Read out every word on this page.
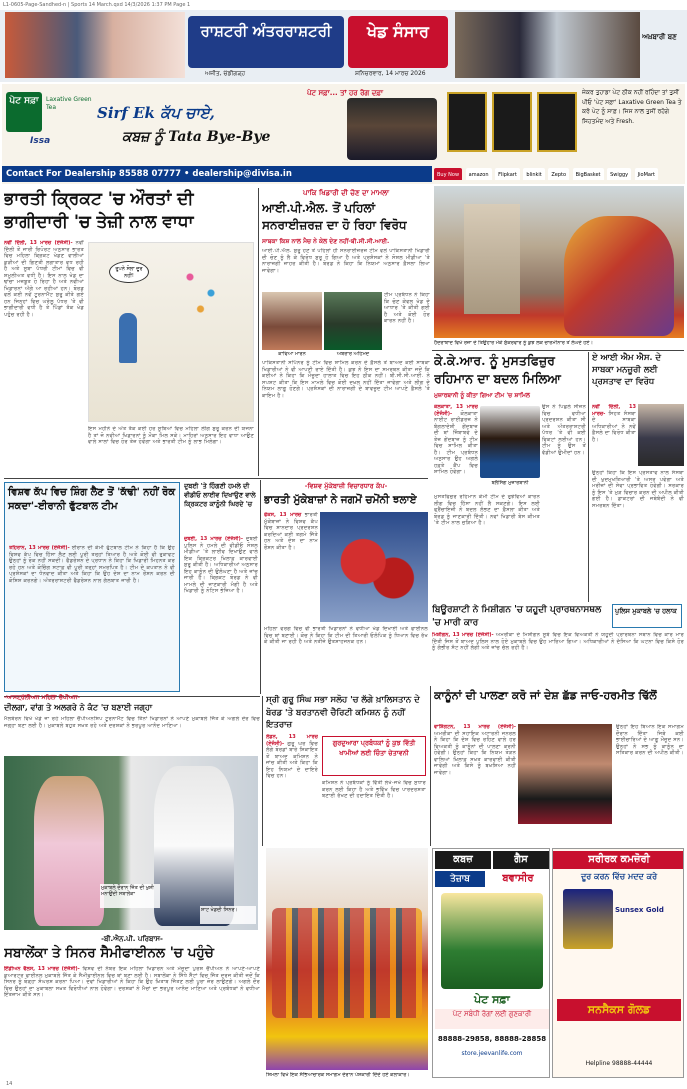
L1-0605-Page-Sandhed-n | Sports 14 March.qxd 14/3/2026 1:37 PM Page 1
ਰਾਸ਼ਟਰੀ ਅੰਤਰਰਾਸ਼ਟਰੀ	ਖੇਡ ਸੰਸਾਰ
ਅਜੀਤ, ਚੰਡੀਗੜ੍ਹ	ਸ਼ਨਿਚਰਵਾਰ, 14 ਮਾਰਚ 2026
ਅਖ਼ਬਾਰੀ ਬਣ
ਪੇਟ ਸਫ਼ਾ	Laxative Green Tea
Issa
Sirf Ek ਕੱਪ ਚਾਏ,
ਕਬਜ਼ ਨੂੰ Tata Bye-Bye
ਪੇਟ ਸਫ਼ਾ... ਤਾਂ ਹਰ ਰੋਗ ਦਫ਼ਾ
Contact For Dealership 85588 07777 • dealership@divisa.in	Buy Now amazon Flipkart blinkit Zepto BigBasket Swiggy JioMart
ਜੇਕਰ ਤੁਹਾਡਾ ਪੇਟ ਠੀਕ ਨਹੀਂ ਰਹਿੰਦਾ ਤਾਂ ਤੁਸੀਂ ਪੀਓ 'ਪੇਟ ਸਫ਼ਾ' Laxative Green Tea ਤੇ ਕਰੋ ਪੇਟ ਨੂੰ ਸਾਫ਼। ਜਿਸ ਨਾਲ ਤੁਸੀਂ ਰਹੋਗੇ ਸਿਹਤਮੰਦ ਅਤੇ Fresh.
ਭਾਰਤੀ ਕ੍ਰਿਕਟ 'ਚ ਔਰਤਾਂ ਦੀ ਭਾਗੀਦਾਰੀ 'ਚ ਤੇਜ਼ੀ ਨਾਲ ਵਾਧਾ
ਨਵੀਂ ਦਿੱਲੀ, 13 ਮਾਰਚ (ਏਜੰਸੀ)- ਨਵੀਂ ਦਿੱਲੀ ਤੋਂ ਜਾਰੀ ਰਿਪੋਰਟ ਅਨੁਸਾਰ ਭਾਰਤ ਵਿਚ ਮਹਿਲਾ ਕ੍ਰਿਕਟ ਖੇਡਣ ਵਾਲੀਆਂ ਕੁੜੀਆਂ ਦੀ ਗਿਣਤੀ ਲਗਾਤਾਰ ਵਧ ਰਹੀ ਹੈ ਅਤੇ ਸੂਬਾ ਪੱਧਰੀ ਟੀਮਾਂ ਵਿਚ ਵੀ ਸ਼ਮੂਲੀਅਤ ਵਧੀ ਹੈ। ਇਸ ਨਾਲ ਖੇਡ ਦਾ ਢਾਂਚਾ ਮਜ਼ਬੂਤ ਹੋ ਰਿਹਾ ਹੈ ਅਤੇ ਨਵੀਆਂ ਖਿਡਾਰਨਾਂ ਅੱਗੇ ਆ ਰਹੀਆਂ ਹਨ। ਬੋਰਡ ਵਲੋਂ ਕਈ ਨਵੇਂ ਟੂਰਨਾਮੈਂਟ ਸ਼ੁਰੂ ਕੀਤੇ ਗਏ ਹਨ ਜਿਨ੍ਹਾਂ ਵਿਚ ਘਰੇਲੂ ਪੱਧਰ 'ਤੇ ਵੀ ਭਾਗੀਦਾਰੀ ਵਧੀ ਹੈ ਤੇ ਪਿੰਡਾਂ ਤੱਕ ਖੇਡ ਪਹੁੰਚ ਰਹੀ ਹੈ।
ਰੂਪਨੇ ਸੋਲਾ ਦੂਰ ਨਹੀਂ!
ਇਸ ਮਹੀਨੇ ਦੇ ਅੰਤ ਤੱਕ ਕਈ ਹੋਰ ਸੂਬਿਆਂ ਵਿਚ ਮਹਿਲਾ ਲੀਗ ਸ਼ੁਰੂ ਕਰਨ ਦੀ ਯੋਜਨਾ ਹੈ ਤਾਂ ਜੋ ਨਵੀਆਂ ਖਿਡਾਰਨਾਂ ਨੂੰ ਮੌਕਾ ਮਿਲ ਸਕੇ। ਮਾਹਿਰਾਂ ਅਨੁਸਾਰ ਇਹ ਵਾਧਾ ਆਉਣ ਵਾਲੇ ਸਾਲਾਂ ਵਿਚ ਹੋਰ ਤੇਜ਼ ਹੋਵੇਗਾ ਅਤੇ ਭਾਰਤੀ ਟੀਮ ਨੂੰ ਲਾਭ ਮਿਲੇਗਾ।
ਪਾਕਿ ਖਿਡਾਰੀ ਦੀ ਚੋਣ ਦਾ ਮਾਮਲਾ
ਆਈ.ਪੀ.ਐਲ. ਤੋਂ ਪਹਿਲਾਂ ਸਨਰਾਈਜ਼ਰਜ਼ ਦਾ ਹੋ ਰਿਹਾ ਵਿਰੋਧ
ਸਾਬਕਾ ਕਿਸ਼ ਨਾਲ ਮੈਚ ਨੇ ਕੇਲ ਦੇਣ ਨਹੀਂ-ਬੀ.ਸੀ.ਸੀ.ਆਈ.
ਆਈ.ਪੀ.ਐਲ. ਸ਼ੁਰੂ ਹੋਣ ਤੋਂ ਪਹਿਲਾਂ ਹੀ ਸਨਰਾਈਜ਼ਰਜ਼ ਟੀਮ ਵਲੋਂ ਪਾਕਿਸਤਾਨੀ ਖਿਡਾਰੀ ਦੀ ਚੋਣ ਨੂੰ ਲੈ ਕੇ ਵਿਰੋਧ ਸ਼ੁਰੂ ਹੋ ਗਿਆ ਹੈ ਅਤੇ ਪ੍ਰਸ਼ੰਸਕਾਂ ਨੇ ਸੋਸ਼ਲ ਮੀਡੀਆ 'ਤੇ ਨਾਰਾਜ਼ਗੀ ਜ਼ਾਹਰ ਕੀਤੀ ਹੈ। ਬੋਰਡ ਨੇ ਕਿਹਾ ਕਿ ਨਿਯਮਾਂ ਅਨੁਸਾਰ ਫ਼ੈਸਲਾ ਲਿਆ ਜਾਵੇਗਾ।
ਕਾਵਿਆ ਮਾਰਨ	ਅਬਰਾਰ ਅਹਿਮਦ
ਟੀਮ ਪ੍ਰਬੰਧਨ ਨੇ ਕਿਹਾ ਕਿ ਚੋਣ ਕੇਵਲ ਖੇਡ ਦੇ ਆਧਾਰ 'ਤੇ ਕੀਤੀ ਗਈ ਹੈ ਅਤੇ ਕੋਈ ਹੋਰ ਕਾਰਨ ਨਹੀਂ ਹੈ।
ਪਾਕਿਸਤਾਨੀ ਸਪਿੰਨਰ ਨੂੰ ਟੀਮ ਵਿਚ ਸ਼ਾਮਿਲ ਕਰਨ ਦੇ ਫ਼ੈਸਲੇ ਤੋਂ ਬਾਅਦ ਕਈ ਸਾਬਕਾ ਖਿਡਾਰੀਆਂ ਨੇ ਵੀ ਆਪਣੀ ਰਾਏ ਦਿੱਤੀ ਹੈ। ਕੁਝ ਨੇ ਇਸ ਦਾ ਸਮਰਥਨ ਕੀਤਾ ਜਦੋਂ ਕਿ ਕਈਆਂ ਨੇ ਕਿਹਾ ਕਿ ਮੌਜੂਦਾ ਹਾਲਾਤ ਵਿਚ ਇਹ ਠੀਕ ਨਹੀਂ। ਬੀ.ਸੀ.ਸੀ.ਆਈ. ਨੇ ਸਪਸ਼ਟ ਕੀਤਾ ਕਿ ਇਸ ਮਾਮਲੇ ਵਿਚ ਕੋਈ ਦਖ਼ਲ ਨਹੀਂ ਦਿੱਤਾ ਜਾਵੇਗਾ ਅਤੇ ਲੀਗ ਦੇ ਨਿਯਮ ਲਾਗੂ ਹੋਣਗੇ। ਪ੍ਰਸ਼ੰਸਕਾਂ ਦੀ ਨਾਰਾਜ਼ਗੀ ਦੇ ਬਾਵਜੂਦ ਟੀਮ ਆਪਣੇ ਫ਼ੈਸਲੇ 'ਤੇ ਕਾਇਮ ਹੈ।
ਹੈਦਰਾਬਾਦ ਵਿਖੇ ਰੋਜ਼ਾ ਦੇ ਤਿਉਹਾਰ ਮੌਕੇ ਸ਼ੁੱਕਰਵਾਰ ਨੂੰ ਕੁਝ ਲੋਕ ਚਾਰਮੀਨਾਰ ਤੋਂ ਲੰਘਦੇ ਹੋਏ।
ਕੇ.ਕੇ.ਆਰ. ਨੂੰ ਮੁਸਤਫਿਜ਼ੁਰ ਰਹਿਮਾਨ ਦਾ ਬਦਲ ਮਿਲਿਆ
ਮੁਜ਼ਾਰਬਾਨੀ ਨੂੰ ਕੀਤਾ ਗਿਆ ਟੀਮ 'ਚ ਸ਼ਾਮਿਲ
ਕੋਲਕਾਤਾ, 13 ਮਾਰਚ (ਏਜੰਸੀ)- ਕੋਲਕਾਤਾ ਨਾਈਟ ਰਾਈਡਰਜ਼ ਨੇ ਬੰਗਲਾਦੇਸ਼ੀ ਗੇਂਦਬਾਜ਼ ਦੀ ਥਾਂ ਜ਼ਿੰਬਾਬਵੇ ਦੇ ਤੇਜ਼ ਗੇਂਦਬਾਜ਼ ਨੂੰ ਟੀਮ ਵਿਚ ਸ਼ਾਮਿਲ ਕੀਤਾ ਹੈ। ਟੀਮ ਪ੍ਰਬੰਧਨ ਅਨੁਸਾਰ ਉਹ ਅਗਲੇ ਹਫ਼ਤੇ ਕੈਂਪ ਵਿਚ ਸ਼ਾਮਿਲ ਹੋਵੇਗਾ।
ਬਲੈਸਿੰਗ ਮੁਜ਼ਾਰਬਾਨੀ
ਉਸ ਨੇ ਪਿਛਲੇ ਸੀਜ਼ਨ ਵਿਚ ਵਧੀਆ ਪ੍ਰਦਰਸ਼ਨ ਕੀਤਾ ਸੀ ਅਤੇ ਅੰਤਰਰਾਸ਼ਟਰੀ ਪੱਧਰ 'ਤੇ ਵੀ ਕਈ ਵਿਕਟਾਂ ਲਈਆਂ ਹਨ। ਟੀਮ ਨੂੰ ਉਸ ਤੋਂ ਵੱਡੀਆਂ ਉਮੀਦਾਂ ਹਨ।
ਮੁਸਤਫਿਜ਼ੁਰ ਰਹਿਮਾਨ ਕੌਮੀ ਟੀਮ ਦੇ ਰੁਝੇਵਿਆਂ ਕਾਰਨ ਲੀਗ ਵਿਚ ਹਿੱਸਾ ਨਹੀਂ ਲੈ ਸਕਣਗੇ। ਇਸ ਲਈ ਫ੍ਰੈਂਚਾਇਜ਼ੀ ਨੇ ਬਦਲ ਲੱਭਣ ਦਾ ਫ਼ੈਸਲਾ ਕੀਤਾ ਅਤੇ ਬੋਰਡ ਨੂੰ ਜਾਣਕਾਰੀ ਦਿੱਤੀ। ਨਵਾਂ ਖਿਡਾਰੀ ਬੇਸ ਕੀਮਤ 'ਤੇ ਟੀਮ ਨਾਲ ਜੁੜਿਆ ਹੈ।
ਏ ਆਈ ਐਮ ਐਸ. ਦੇ ਸਾਬਕਾ ਮਨਜ਼ੂਰੀ ਲਈ ਪ੍ਰਸਤਾਵ ਦਾ ਵਿਰੋਧ
ਨਵੀਂ ਦਿੱਲੀ, 13 ਮਾਰਚ- ਸਿਹਤ ਸੰਸਥਾ ਦੇ ਸਾਬਕਾ ਅਧਿਕਾਰੀਆਂ ਨੇ ਨਵੇਂ ਫ਼ੈਸਲੇ ਦਾ ਵਿਰੋਧ ਕੀਤਾ ਹੈ।
ਉਨ੍ਹਾਂ ਕਿਹਾ ਕਿ ਇਸ ਪ੍ਰਸਤਾਵ ਨਾਲ ਸੰਸਥਾ ਦੀ ਖੁਦਮੁਖਤਿਆਰੀ 'ਤੇ ਅਸਰ ਪਵੇਗਾ ਅਤੇ ਮਰੀਜ਼ਾਂ ਦੀ ਸੇਵਾ ਪ੍ਰਭਾਵਿਤ ਹੋਵੇਗੀ। ਸਰਕਾਰ ਨੂੰ ਇਸ 'ਤੇ ਮੁੜ ਵਿਚਾਰ ਕਰਨ ਦੀ ਅਪੀਲ ਕੀਤੀ ਗਈ ਹੈ। ਡਾਕਟਰਾਂ ਦੀ ਜਥੇਬੰਦੀ ਨੇ ਵੀ ਸਮਰਥਨ ਦਿੱਤਾ।
ਵਿਸ਼ਵ ਕੱਪ ਵਿਚ ਸ਼ਿੰਗ ਲੈਣ ਤੋਂ 'ਕੱਢੀ' ਨਹੀਂ ਰੋਕ ਸਕਦਾ'-ਈਰਾਨੀ ਫੁੱਟਬਾਲ ਟੀਮ
ਤਹਿਰਾਨ, 13 ਮਾਰਚ (ਏਜੰਸੀ)- ਈਰਾਨ ਦੀ ਕੌਮੀ ਫੁੱਟਬਾਲ ਟੀਮ ਨੇ ਕਿਹਾ ਹੈ ਕਿ ਉਹ ਵਿਸ਼ਵ ਕੱਪ ਵਿਚ ਹਿੱਸਾ ਲੈਣ ਲਈ ਪੂਰੀ ਤਰ੍ਹਾਂ ਤਿਆਰ ਹੈ ਅਤੇ ਕੋਈ ਵੀ ਰੁਕਾਵਟ ਉਨ੍ਹਾਂ ਨੂੰ ਰੋਕ ਨਹੀਂ ਸਕਦੀ। ਫੈਡਰੇਸ਼ਨ ਦੇ ਪ੍ਰਧਾਨ ਨੇ ਕਿਹਾ ਕਿ ਖਿਡਾਰੀ ਮਿਹਨਤ ਕਰ ਰਹੇ ਹਨ ਅਤੇ ਕੋਚਿੰਗ ਸਟਾਫ਼ ਵੀ ਪੂਰੀ ਤਰ੍ਹਾਂ ਸਮਰਪਿਤ ਹੈ। ਟੀਮ ਦੇ ਕਪਤਾਨ ਨੇ ਵੀ ਪ੍ਰਸ਼ੰਸਕਾਂ ਦਾ ਧੰਨਵਾਦ ਕੀਤਾ ਅਤੇ ਕਿਹਾ ਕਿ ਉਹ ਦੇਸ਼ ਦਾ ਨਾਮ ਰੌਸ਼ਨ ਕਰਨ ਦੀ ਕੋਸ਼ਿਸ਼ ਕਰਨਗੇ। ਅੰਤਰਰਾਸ਼ਟਰੀ ਫੈਡਰੇਸ਼ਨ ਨਾਲ ਗੱਲਬਾਤ ਜਾਰੀ ਹੈ।
ਦੁਬਈ 'ਤੇ ਹਿੰਗਣੀ ਹਮਲੇ ਦੀ ਵੀਡੀਓ ਲਾਈਵ ਦਿਖਾਉਣ ਵਾਲੇ ਕ੍ਰਿਕਟਰ ਕਾਨੂੰਨੀ ਘਿਰਦੇ 'ਚ
ਦੁਬਈ, 13 ਮਾਰਚ (ਏਜੰਸੀ)- ਦੁਬਈ ਪੁਲਿਸ ਨੇ ਹਮਲੇ ਦੀ ਵੀਡੀਓ ਸੋਸ਼ਲ ਮੀਡੀਆ 'ਤੇ ਲਾਈਵ ਦਿਖਾਉਣ ਵਾਲੇ ਇਕ ਕ੍ਰਿਕਟਰ ਖ਼ਿਲਾਫ਼ ਕਾਰਵਾਈ ਸ਼ੁਰੂ ਕੀਤੀ ਹੈ। ਅਧਿਕਾਰੀਆਂ ਅਨੁਸਾਰ ਇਹ ਕਾਨੂੰਨ ਦੀ ਉਲੰਘਣਾ ਹੈ ਅਤੇ ਜਾਂਚ ਜਾਰੀ ਹੈ। ਕ੍ਰਿਕਟ ਬੋਰਡ ਨੇ ਵੀ ਮਾਮਲੇ ਦੀ ਜਾਣਕਾਰੀ ਮੰਗੀ ਹੈ ਅਤੇ ਖਿਡਾਰੀ ਨੂੰ ਨੋਟਿਸ ਭੇਜਿਆ ਹੈ।
-ਵਿਸ਼ਵ ਮੁੱਕੇਬਾਜ਼ੀ ਵਿਚਾਰਧਾਰ ਕੱਪ-
ਭਾਰਤੀ ਮੁੱਕੇਬਾਜ਼ਾਂ ਨੇ ਜਗਮੋਂ ਚਮੋਂਨੀ ਝਲਾਏ
ਫੌਕਸ, 13 ਮਾਰਚ ਭਾਰਤੀ ਮੁੱਕੇਬਾਜ਼ਾਂ ਨੇ ਵਿਸ਼ਵ ਕੱਪ ਵਿਚ ਸ਼ਾਨਦਾਰ ਪ੍ਰਦਰਸ਼ਨ ਕਰਦਿਆਂ ਕਈ ਤਗਮੇ ਜਿੱਤੇ ਹਨ ਅਤੇ ਦੇਸ਼ ਦਾ ਨਾਮ ਰੌਸ਼ਨ ਕੀਤਾ ਹੈ।
ਮਹਿਲਾ ਵਰਗ ਵਿਚ ਵੀ ਭਾਰਤੀ ਖਿਡਾਰਨਾਂ ਨੇ ਵਧੀਆ ਖੇਡ ਦਿਖਾਈ ਅਤੇ ਫਾਈਨਲ ਵਿਚ ਥਾਂ ਬਣਾਈ। ਕੋਚ ਨੇ ਕਿਹਾ ਕਿ ਟੀਮ ਦੀ ਤਿਆਰੀ ਓਲੰਪਿਕ ਨੂੰ ਧਿਆਨ ਵਿਚ ਰੱਖ ਕੇ ਕੀਤੀ ਜਾ ਰਹੀ ਹੈ ਅਤੇ ਨਤੀਜੇ ਉਤਸ਼ਾਹਜਨਕ ਹਨ।
ਬਿਊਰਸ਼ਾਟੀ ਨੇ ਮਿਸ਼ੀਗਨ 'ਚ ਯਹੂਦੀ ਪ੍ਰਾਰਥਨਾਸਥਲ 'ਚ ਮਾਰੀ ਕਾਰ
ਪੁਲਿਸ ਮੁਕਾਬਲੇ 'ਚ ਹਲਾਕ
ਮਿਸ਼ੀਗਨ, 13 ਮਾਰਚ (ਏਜੰਸੀ)- ਅਮਰੀਕਾ ਦੇ ਮਿਸ਼ੀਗਨ ਸੂਬੇ ਵਿਚ ਇਕ ਵਿਅਕਤੀ ਨੇ ਯਹੂਦੀ ਪ੍ਰਾਰਥਨਾ ਸਥਾਨ ਵਿਚ ਕਾਰ ਮਾਰ ਦਿੱਤੀ ਜਿਸ ਤੋਂ ਬਾਅਦ ਪੁਲਿਸ ਨਾਲ ਹੋਏ ਮੁਕਾਬਲੇ ਵਿਚ ਉਹ ਮਾਰਿਆ ਗਿਆ। ਅਧਿਕਾਰੀਆਂ ਨੇ ਦੱਸਿਆ ਕਿ ਘਟਨਾ ਵਿਚ ਕਿਸੇ ਹੋਰ ਨੂੰ ਗੰਭੀਰ ਸੱਟ ਨਹੀਂ ਲੱਗੀ ਅਤੇ ਜਾਂਚ ਚੱਲ ਰਹੀ ਹੈ।
-ਆਸਟ੍ਰੇਲੀਅਨ ਮਹਿਲਾ ਚੈਪੀਅਨ-
ਦੀਲਗਾ, ਵਾਂਗ ਤੇ ਅਲਗਰੇ ਨੇ ਕੰਟ 'ਚ ਬਣਾਈ ਜਗ੍ਹਾ
ਮੈਲਬੌਰਨ ਵਿਖੇ ਖੇਡੇ ਜਾ ਰਹੇ ਮਹਿਲਾ ਚੈਂਪੀਅਨਸ਼ਿਪ ਟੂਰਨਾਮੈਂਟ ਵਿਚ ਤਿੰਨਾਂ ਖਿਡਾਰਨਾਂ ਨੇ ਆਪਣੇ ਮੁਕਾਬਲੇ ਜਿੱਤ ਕੇ ਅਗਲੇ ਦੌਰ ਵਿਚ ਜਗ੍ਹਾ ਬਣਾ ਲਈ ਹੈ। ਮੁਕਾਬਲੇ ਬਹੁਤ ਸਖ਼ਤ ਰਹੇ ਅਤੇ ਦਰਸ਼ਕਾਂ ਨੇ ਭਰਪੂਰ ਆਨੰਦ ਮਾਣਿਆ।
ਸ੍ਰੀ ਗੁਰੂ ਸਿੰਘ ਸਭਾ ਸਲੋਹ 'ਚ ਲੱਗੇ ਖ਼ਾਲਿਸਤਾਨ ਦੇ ਬੋਰਡ 'ਤੇ ਬਰਤਾਨਵੀ ਚੈਰਿਟੀ ਕਮਿਸ਼ਨ ਨੂੰ ਨਹੀਂ ਇਤਰਾਜ਼
ਲੰਡਨ, 13 ਮਾਰਚ (ਏਜੰਸੀ)- ਗੁਰੂ ਘਰ ਵਿਚ ਲੱਗੇ ਬੋਰਡਾਂ ਬਾਰੇ ਸ਼ਿਕਾਇਤ ਤੋਂ ਬਾਅਦ ਕਮਿਸ਼ਨ ਨੇ ਜਾਂਚ ਕੀਤੀ ਅਤੇ ਕਿਹਾ ਕਿ ਇਹ ਨਿਯਮਾਂ ਦੇ ਦਾਇਰੇ ਵਿਚ ਹਨ।
ਗੁਰਦੁਆਰਾ ਪ੍ਰਬੰਧਕਾਂ ਨੂੰ ਕੁਝ ਵਿੱਤੀ ਖਾਮੀਆਂ ਲਈ ਚਿੰਤਾ ਚੇਤਾਵਨੀ
ਕਮਿਸ਼ਨ ਨੇ ਪ੍ਰਬੰਧਕਾਂ ਨੂੰ ਵਿੱਤੀ ਲੇਖੇ-ਜੋਖੇ ਵਿਚ ਸੁਧਾਰ ਕਰਨ ਲਈ ਕਿਹਾ ਹੈ ਅਤੇ ਭਵਿੱਖ ਵਿਚ ਪਾਰਦਰਸ਼ਤਾ ਬਣਾਈ ਰੱਖਣ ਦੀ ਹਦਾਇਤ ਦਿੱਤੀ ਹੈ।
ਕਾਨੂੰਨਾਂ ਦੀ ਪਾਲਣਾ ਕਰੋ ਜਾਂ ਦੇਸ਼ ਛੱਡ ਜਾਓ-ਹਰਮੀਤ ਢਿੱਲੋਂ
ਵਾਸ਼ਿੰਗਟਨ, 13 ਮਾਰਚ (ਏਜੰਸੀ)- ਅਮਰੀਕਾ ਦੀ ਸਹਾਇਕ ਅਟਾਰਨੀ ਜਨਰਲ ਨੇ ਕਿਹਾ ਕਿ ਦੇਸ਼ ਵਿਚ ਰਹਿਣ ਵਾਲੇ ਹਰ ਵਿਅਕਤੀ ਨੂੰ ਕਾਨੂੰਨਾਂ ਦੀ ਪਾਲਣਾ ਕਰਨੀ ਹੋਵੇਗੀ। ਉਨ੍ਹਾਂ ਕਿਹਾ ਕਿ ਨਿਯਮ ਤੋੜਨ ਵਾਲਿਆਂ ਖ਼ਿਲਾਫ਼ ਸਖ਼ਤ ਕਾਰਵਾਈ ਕੀਤੀ ਜਾਵੇਗੀ ਅਤੇ ਕਿਸੇ ਨੂੰ ਬਖ਼ਸ਼ਿਆ ਨਹੀਂ ਜਾਵੇਗਾ।
ਉਨ੍ਹਾਂ ਇਹ ਬਿਆਨ ਇਕ ਸਮਾਗਮ ਦੌਰਾਨ ਦਿੱਤਾ ਜਿਥੇ ਕਈ ਭਾਈਚਾਰਿਆਂ ਦੇ ਆਗੂ ਮੌਜੂਦ ਸਨ। ਉਨ੍ਹਾਂ ਨੇ ਸਭ ਨੂੰ ਕਾਨੂੰਨ ਦਾ ਸਤਿਕਾਰ ਕਰਨ ਦੀ ਅਪੀਲ ਕੀਤੀ।
ਮੁਕਾਬਲੇ ਦੌਰਾਨ ਜਿੱਤ ਦੀ ਖੁਸ਼ੀ ਮਨਾਉਂਦੀ ਸਬਾਲੇਂਕਾ
ਸ਼ਾਟ ਖੇਡਦੀ ਸਿਨਰ।
-ਬੀ.ਐਨ.ਪੀ. ਪਰਿਬਾਸ-
ਸਬਾਲੇਂਕਾ ਤੇ ਸਿਨਰ ਸੈਮੀਫਾਈਨਲ 'ਚ ਪਹੁੰਚੇ
ਇੰਡੀਅਨ ਵੈਲਸ, 13 ਮਾਰਚ (ਏਜੰਸੀ)- ਵਿਸ਼ਵ ਦੀ ਨੰਬਰ ਇਕ ਮਹਿਲਾ ਖਿਡਾਰਨ ਅਤੇ ਮੌਜੂਦਾ ਪੁਰਸ਼ ਚੈਂਪੀਅਨ ਨੇ ਆਪਣੇ-ਆਪਣੇ ਕੁਆਰਟਰ ਫਾਈਨਲ ਮੁਕਾਬਲੇ ਜਿੱਤ ਕੇ ਸੈਮੀਫਾਈਨਲ ਵਿਚ ਥਾਂ ਬਣਾ ਲਈ ਹੈ। ਸਬਾਲੇਂਕਾ ਨੇ ਸਿੱਧੇ ਸੈੱਟਾਂ ਵਿਚ ਜਿੱਤ ਦਰਜ ਕੀਤੀ ਜਦੋਂ ਕਿ ਸਿਨਰ ਨੂੰ ਥੋੜ੍ਹਾ ਸੰਘਰਸ਼ ਕਰਨਾ ਪਿਆ। ਦੋਵਾਂ ਖਿਡਾਰੀਆਂ ਨੇ ਕਿਹਾ ਕਿ ਉਹ ਖ਼ਿਤਾਬ ਜਿੱਤਣ ਲਈ ਪੂਰਾ ਜ਼ੋਰ ਲਾਉਣਗੇ। ਅਗਲੇ ਦੌਰ ਵਿਚ ਉਨ੍ਹਾਂ ਦਾ ਮੁਕਾਬਲਾ ਸਖ਼ਤ ਵਿਰੋਧੀਆਂ ਨਾਲ ਹੋਵੇਗਾ। ਦਰਸ਼ਕਾਂ ਨੇ ਮੈਚਾਂ ਦਾ ਭਰਪੂਰ ਆਨੰਦ ਮਾਣਿਆ ਅਤੇ ਪ੍ਰਬੰਧਕਾਂ ਨੇ ਵਧੀਆ ਇੰਤਜ਼ਾਮ ਕੀਤੇ ਸਨ।
ਸ਼ਿਮਲਾ ਵਿਖੇ ਇਕ ਸੱਭਿਆਚਾਰਕ ਸਮਾਗਮ ਦੌਰਾਨ ਪੇਸ਼ਕਾਰੀ ਦਿੰਦੇ ਹੋਏ ਕਲਾਕਾਰ।
ਕਬਜ਼	ਗੈਸ
ਤੇਜ਼ਾਬ	ਬਵਾਸੀਰ
ਪੇਟ ਸਫ਼ਾ
ਪੇਟ ਸਬੰਧੀ ਰੋਗਾਂ ਲਈ ਗੁਣਕਾਰੀ
88888-29858, 88888-28858
store.jeevanlife.com
ਸਰੀਰਕ ਕਮਜ਼ੋਰੀ
ਦੂਰ ਕਰਨ ਵਿੱਚ ਮਦਦ ਕਰੇ
Sunsex Gold
ਸਨਸੈਕਸ ਗੋਲਡ
Helpline 98888-44444
14
